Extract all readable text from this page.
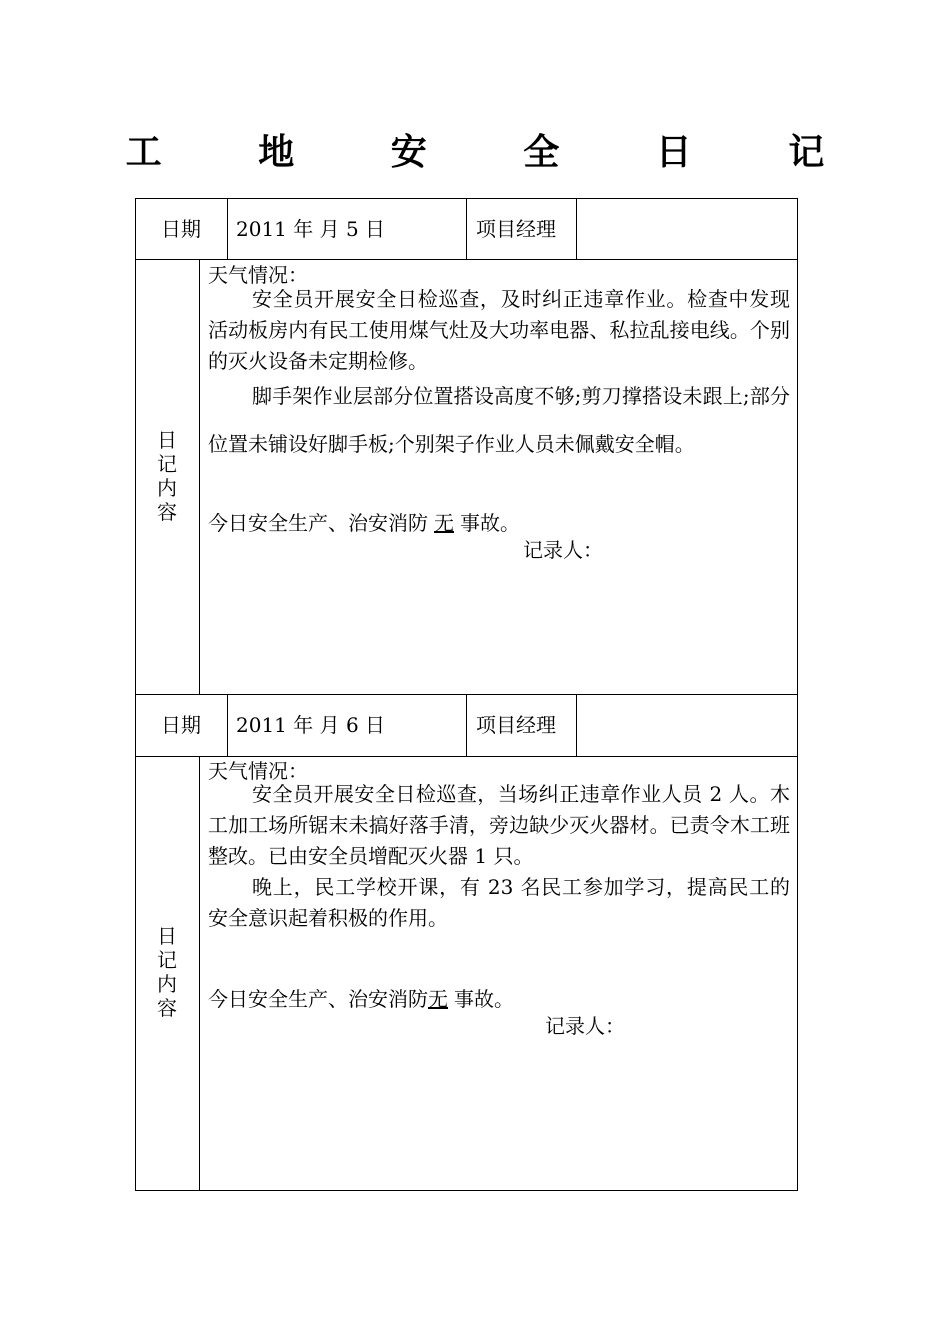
工 地 安 全 日 记
日期 2011 年 月 5 日	项目经理
日
记
内
容
天气情况：

安全员开展安全日检巡查，及时纠正违章作业。检查中发现活动板房内有民工使用煤气灶及大功率电器、私拉乱接电线。个别的灭火设备未定期检修。

脚手架作业层部分位置搭设高度不够;剪刀撑搭设未跟上;部分位置未铺设好脚手板;个别架子作业人员未佩戴安全帽。

今日安全生产、治安消防 无 事故。
记录人：
日期 2011 年 月 6 日	项目经理
日
记
内
容
天气情况：

安全员开展安全日检巡查，当场纠正违章作业人员 2 人。木工加工场所锯末未搞好落手清，旁边缺少灭火器材。已责令木工班整改。已由安全员增配灭火器 1 只。

晚上，民工学校开课，有 23 名民工参加学习，提高民工的安全意识起着积极的作用。

今日安全生产、治安消防无 事故。
记录人：
